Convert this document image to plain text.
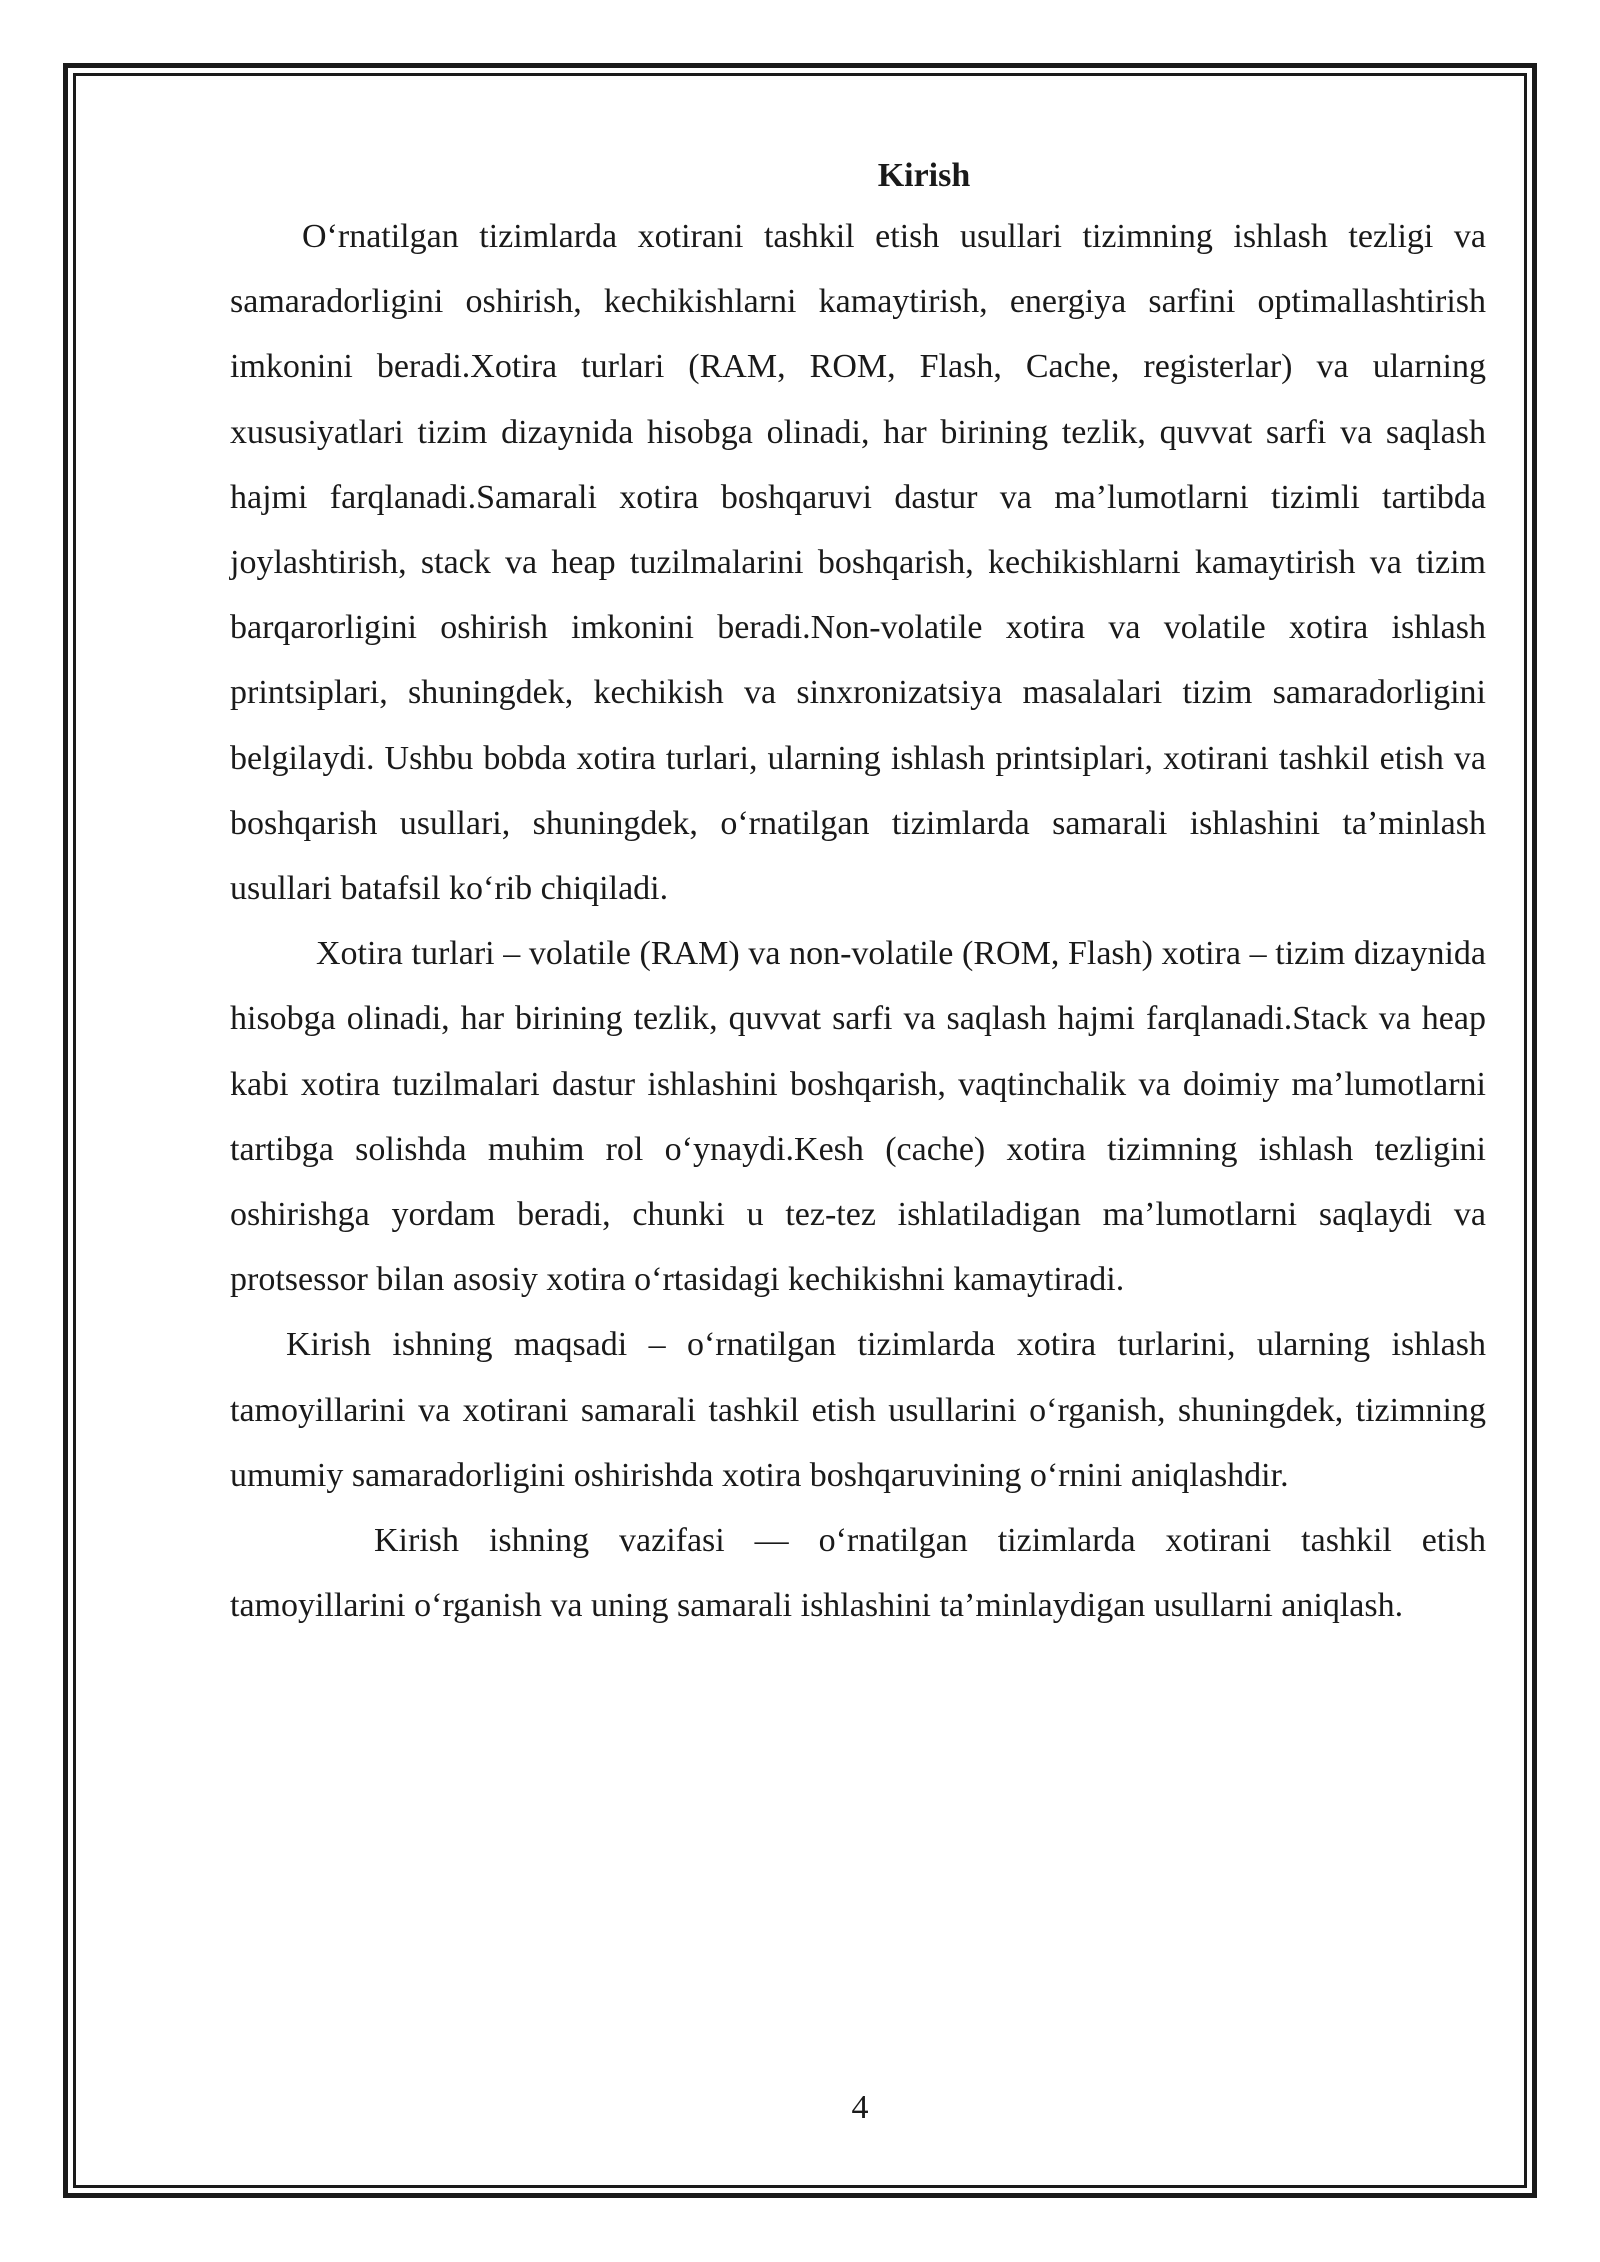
Kirish

O‘rnatilgan tizimlarda xotirani tashkil etish usullari tizimning ishlash tezligi va samaradorligini oshirish, kechikishlarni kamaytirish, energiya sarfini optimallashtirish imkonini beradi.Xotira turlari (RAM, ROM, Flash, Cache, registerlar) va ularning xususiyatlari tizim dizaynida hisobga olinadi, har birining tezlik, quvvat sarfi va saqlash hajmi farqlanadi.Samarali xotira boshqaruvi dastur va ma’lumotlarni tizimli tartibda joylashtirish, stack va heap tuzilmalarini boshqarish, kechikishlarni kamaytirish va tizim barqarorligini oshirish imkonini beradi.Non-volatile xotira va volatile xotira ishlash printsiplari, shuningdek, kechikish va sinxronizatsiya masalalari tizim samaradorligini belgilaydi. Ushbu bobda xotira turlari, ularning ishlash printsiplari, xotirani tashkil etish va boshqarish usullari, shuningdek, o‘rnatilgan tizimlarda samarali ishlashini ta’minlash usullari batafsil ko‘rib chiqiladi.

Xotira turlari – volatile (RAM) va non-volatile (ROM, Flash) xotira – tizim dizaynida hisobga olinadi, har birining tezlik, quvvat sarfi va saqlash hajmi farqlanadi.Stack va heap kabi xotira tuzilmalari dastur ishlashini boshqarish, vaqtinchalik va doimiy ma’lumotlarni tartibga solishda muhim rol o‘ynaydi.Kesh (cache) xotira tizimning ishlash tezligini oshirishga yordam beradi, chunki u tez-tez ishlatiladigan ma’lumotlarni saqlaydi va protsessor bilan asosiy xotira o‘rtasidagi kechikishni kamaytiradi.

Kirish ishning maqsadi – o‘rnatilgan tizimlarda xotira turlarini, ularning ishlash tamoyillarini va xotirani samarali tashkil etish usullarini o‘rganish, shuningdek, tizimning umumiy samaradorligini oshirishda xotira boshqaruvining o‘rnini aniqlashdir.

Kirish ishning vazifasi — o‘rnatilgan tizimlarda xotirani tashkil etish tamoyillarini o‘rganish va uning samarali ishlashini ta’minlaydigan usullarni aniqlash.

4
